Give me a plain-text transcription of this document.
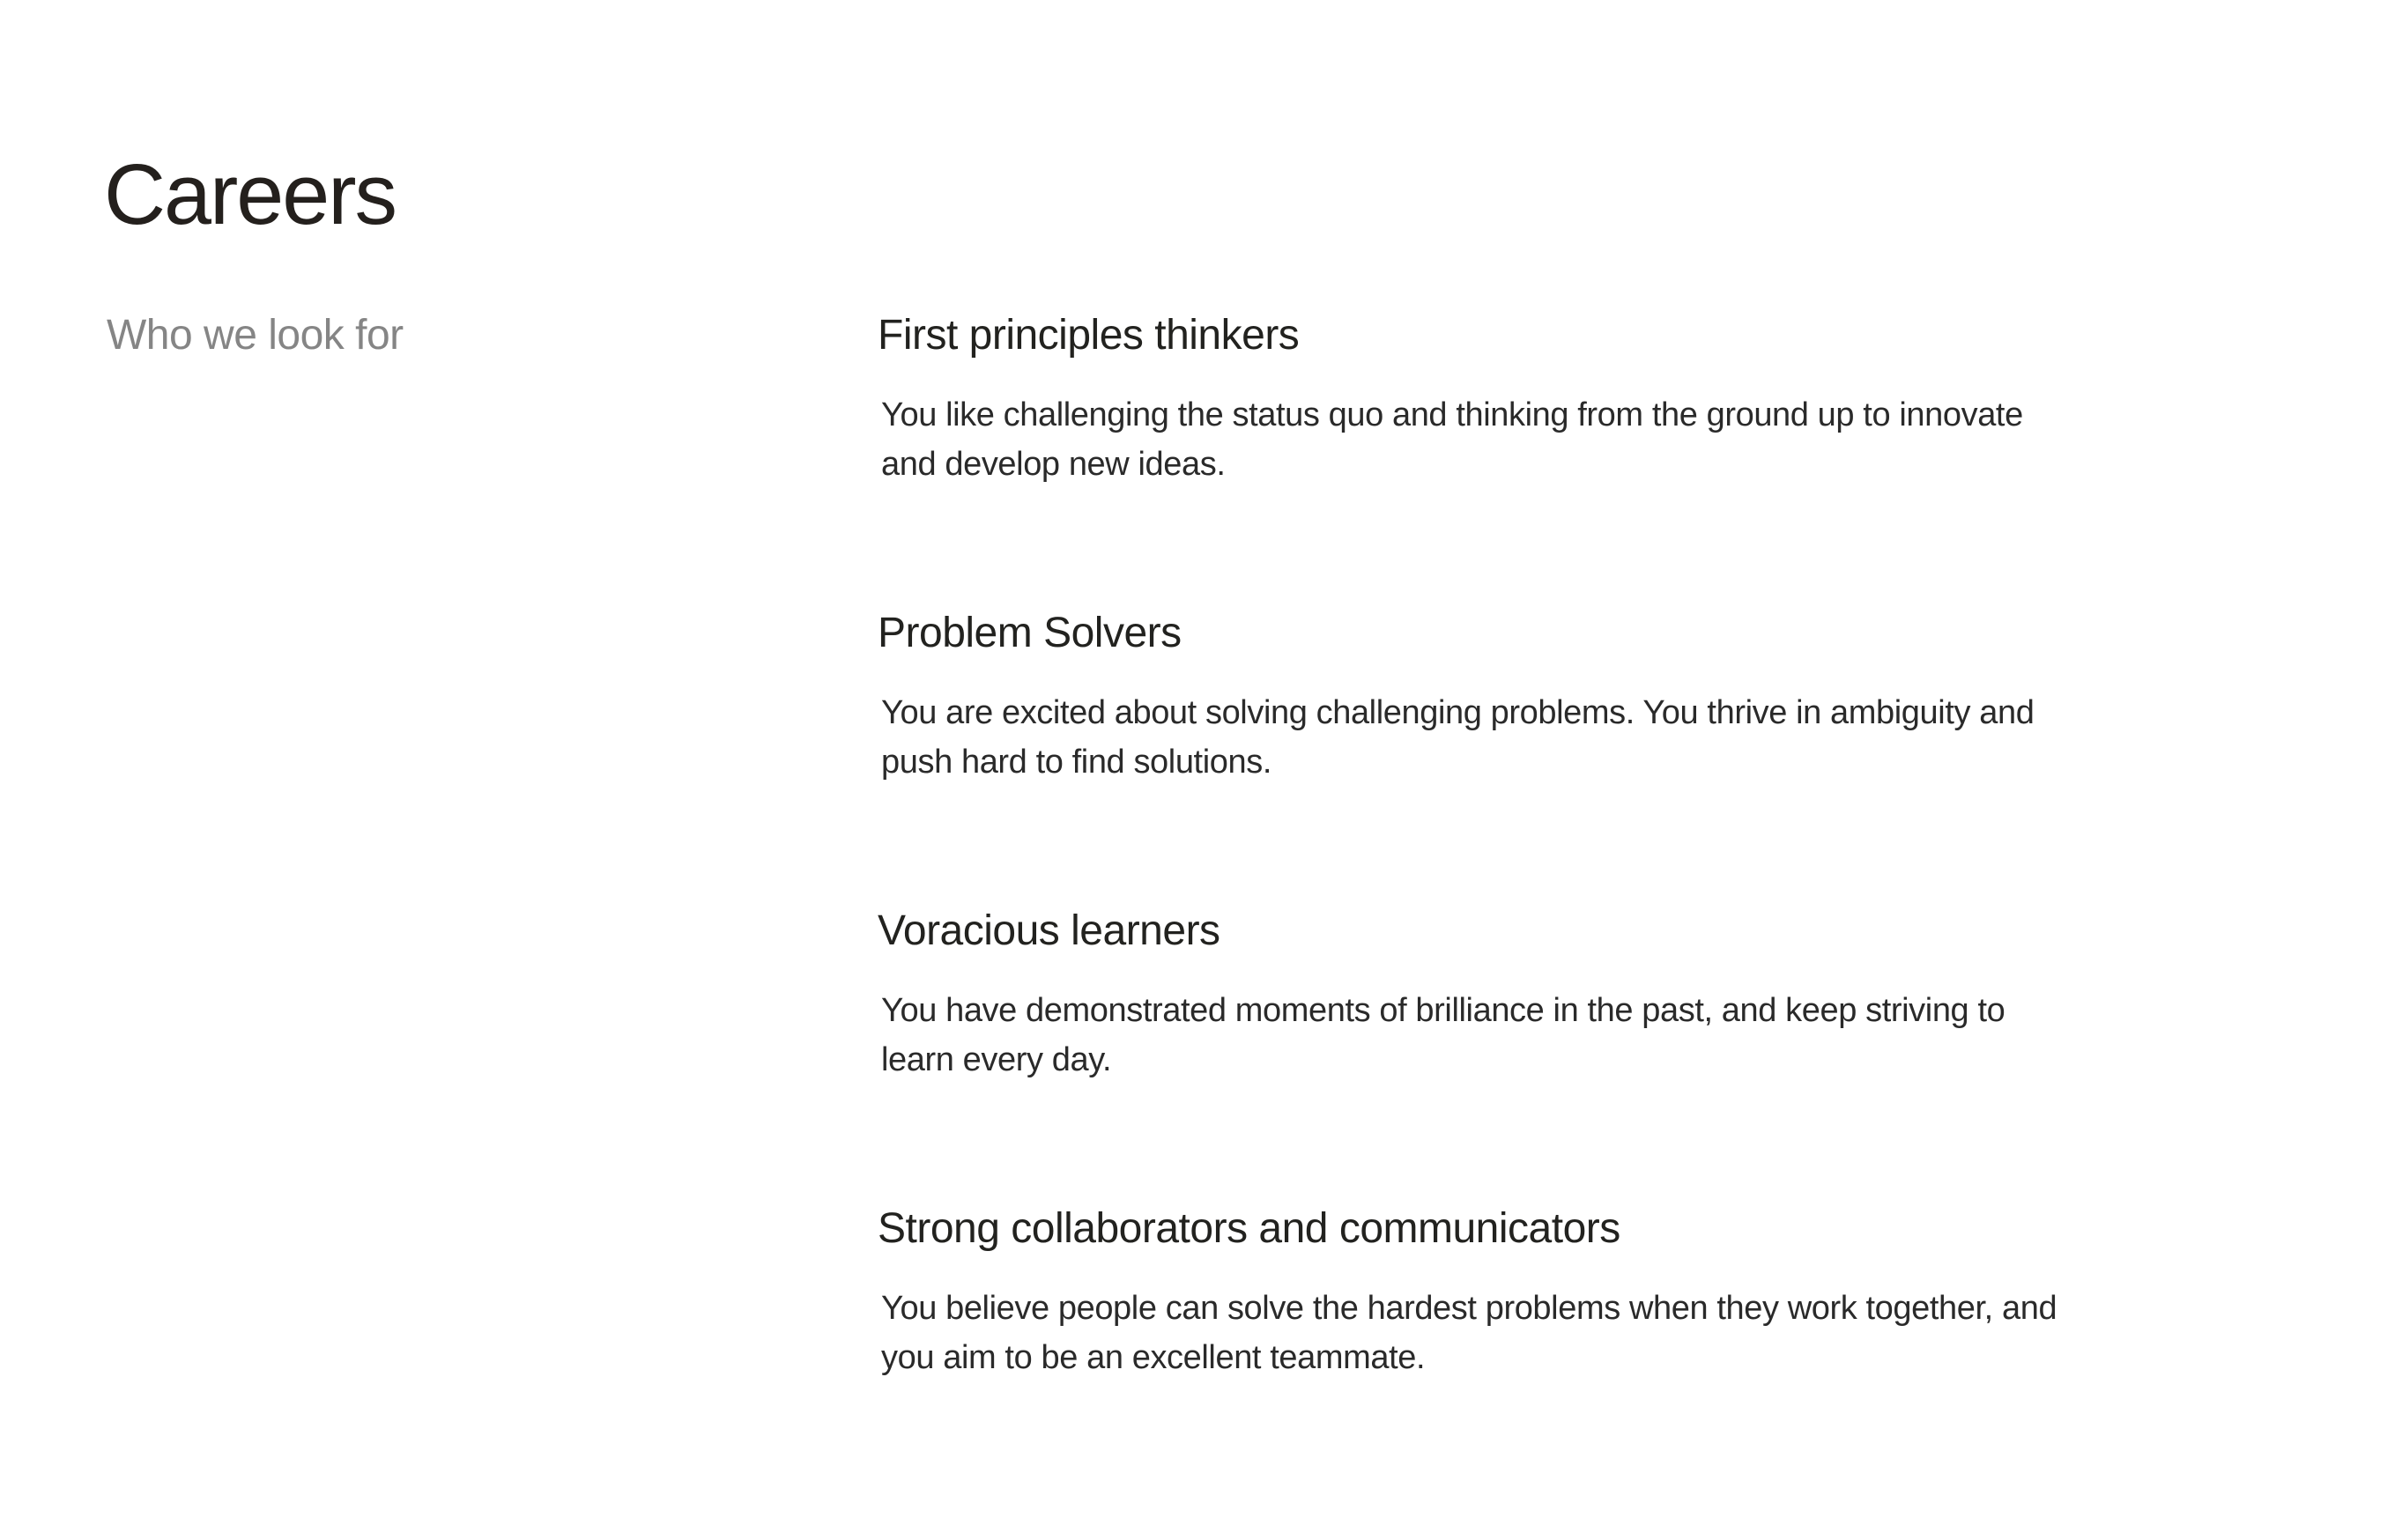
Careers
Who we look for	First principles thinkers

You like challenging the status quo and thinking from the ground up to innovate and develop new ideas.

Problem Solvers

You are excited about solving challenging problems. You thrive in ambiguity and push hard to find solutions.

Voracious learners

You have demonstrated moments of brilliance in the past, and keep striving to learn every day.

Strong collaborators and communicators

You believe people can solve the hardest problems when they work together, and you aim to be an excellent teammate.
